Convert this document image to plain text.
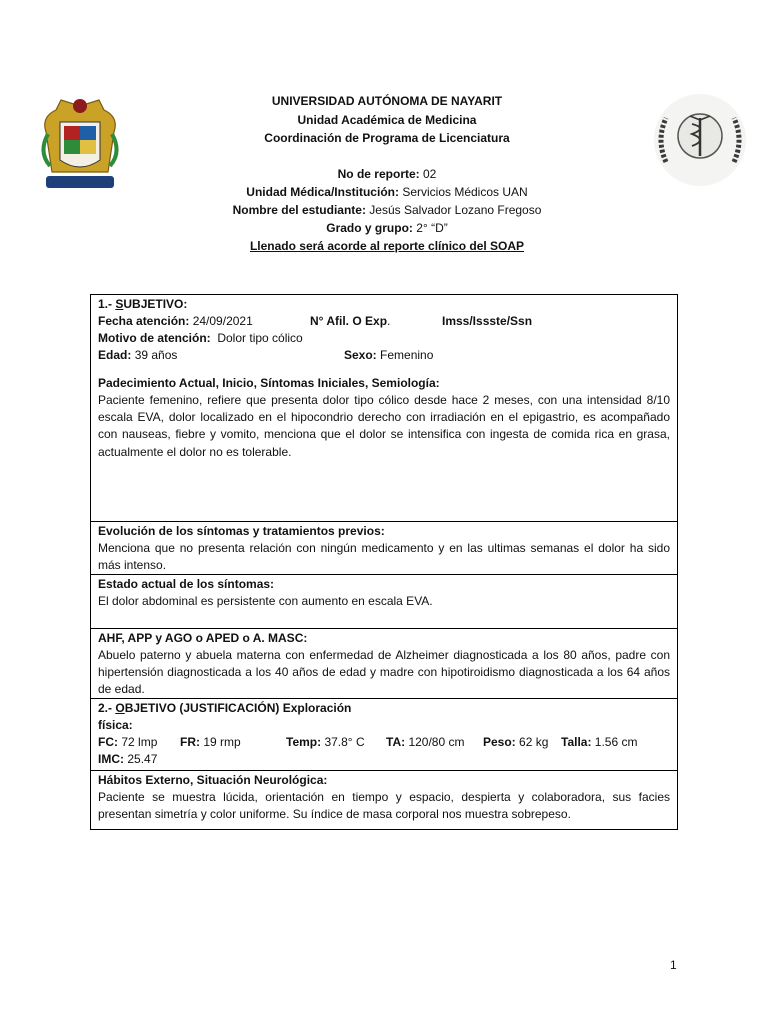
UNIVERSIDAD AUTÓNOMA DE NAYARIT
Unidad Académica de Medicina
Coordinación de Programa de Licenciatura
No de reporte: 02
Unidad Médica/Institución: Servicios Médicos UAN
Nombre del estudiante: Jesús Salvador Lozano Fregoso
Grado y grupo: 2° “D”
Llenado será acorde al reporte clínico del SOAP
1.- SUBJETIVO:
Fecha atención: 24/09/2021	N° Afil. O Exp.	Imss/Issste/Ssn
Motivo de atención: Dolor tipo cólico
Edad: 39 años	Sexo: Femenino
Padecimiento Actual, Inicio, Síntomas Iniciales, Semiología:
Paciente femenino, refiere que presenta dolor tipo cólico desde hace 2 meses, con una intensidad 8/10 escala EVA, dolor localizado en el hipocondrio derecho con irradiación en el epigastrio, es acompañado con nauseas, fiebre y vomito, menciona que el dolor se intensifica con ingesta de comida rica en grasa, actualmente el dolor no es tolerable.
Evolución de los síntomas y tratamientos previos:
Menciona que no presenta relación con ningún medicamento y en las ultimas semanas el dolor ha sido más intenso.
Estado actual de los síntomas:
El dolor abdominal es persistente con aumento en escala EVA.
AHF, APP y AGO o APED o A. MASC:
Abuelo paterno y abuela materna con enfermedad de Alzheimer diagnosticada a los 80 años, padre con hipertensión diagnosticada a los 40 años de edad y madre con hipotiroidismo diagnosticada a los 64 años de edad.
2.- OBJETIVO (JUSTIFICACIÓN) Exploración
física:
FC: 72 lmp FR: 19 rmp	Temp: 37.8° C TA: 120/80 cm Peso: 62 kg Talla: 1.56 cm
IMC: 25.47
Hábitos Externo, Situación Neurológica:
Paciente se muestra lúcida, orientación en tiempo y espacio, despierta y colaboradora, sus facies presentan simetría y color uniforme. Su índice de masa corporal nos muestra sobrepeso.
1
